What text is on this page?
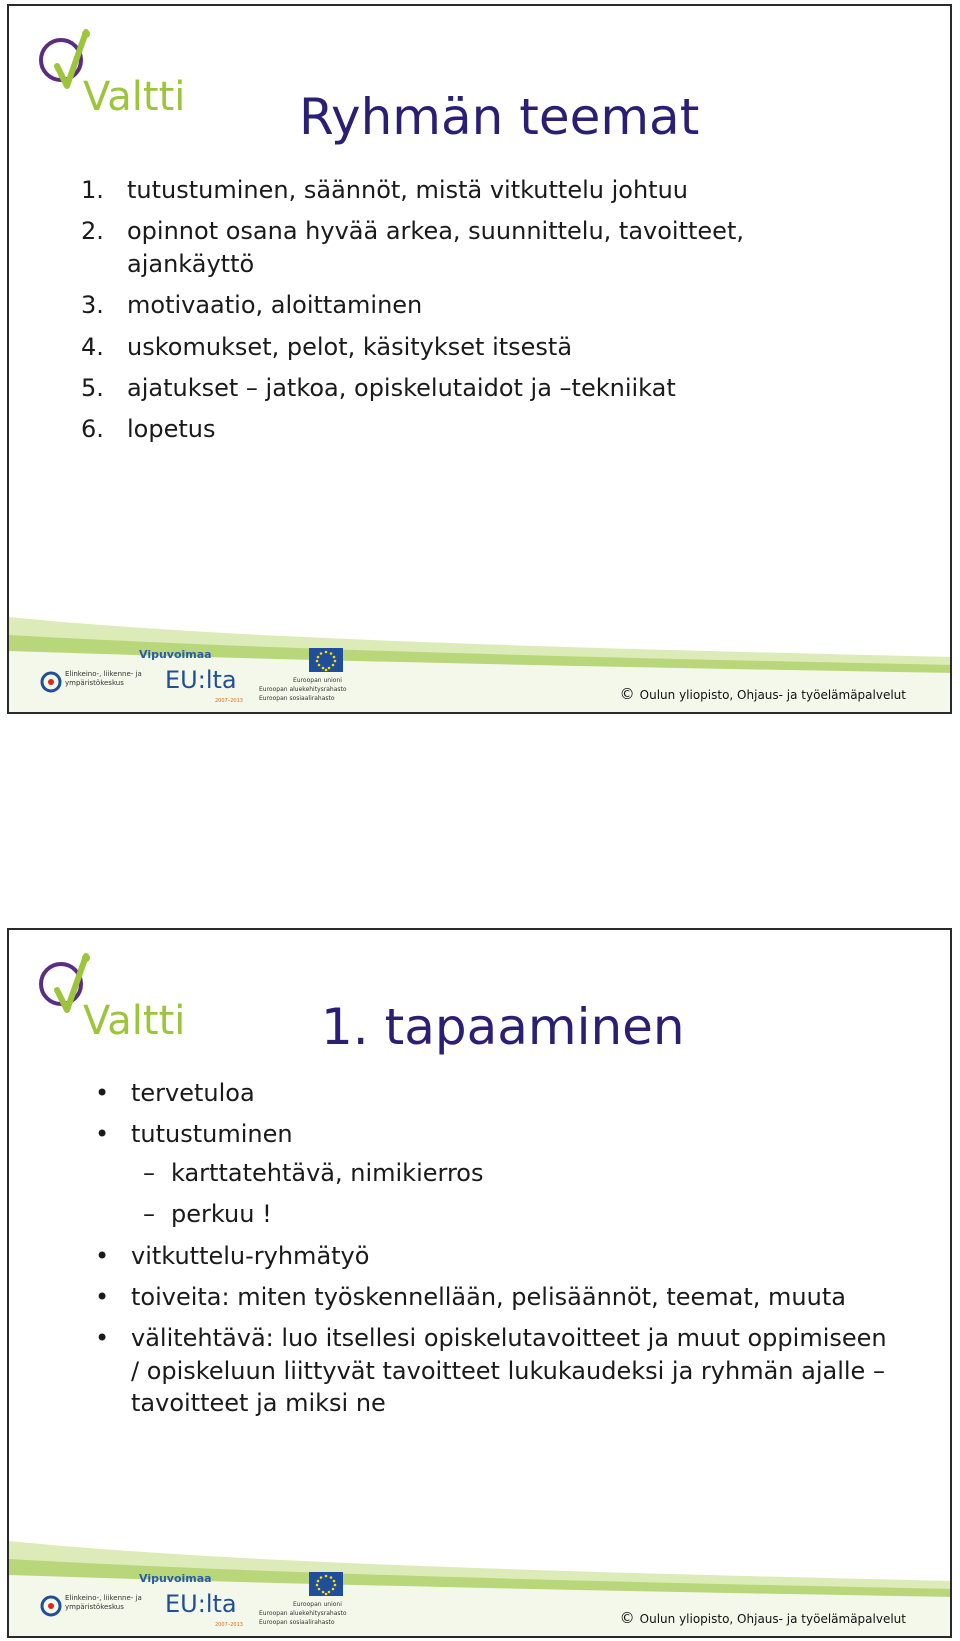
Valtti Ryhmän teemat
1. tutustuminen, säännöt, mistä vitkuttelu johtuu
2. opinnot osana hyvää arkea, suunnittelu, tavoitteet, ajankäyttö
3. motivaatio, aloittaminen
4. uskomukset, pelot, käsitykset itsestä
5. ajatukset – jatkoa, opiskelutaidot ja –tekniikat
6. lopetus
Elinkeino-, liikenne- ja
ympäristökeskus
Vipuvoimaa
EU:lta
2007–2013
Euroopan unioni
Euroopan aluekehitysrahasto
Euroopan sosiaalirahasto	© Oulun yliopisto, Ohjaus- ja työelämäpalvelut
Valtti	1. tapaaminen
• tervetuloa
• tutustuminen
– karttatehtävä, nimikierros
– perkuu !
• vitkuttelu-ryhmätyö
• toiveita: miten työskennellään, pelisäännöt, teemat, muuta
• välitehtävä: luo itsellesi opiskelutavoitteet ja muut oppimiseen / opiskeluun liittyvät tavoitteet lukukaudeksi ja ryhmän ajalle – tavoitteet ja miksi ne
Elinkeino-, liikenne- ja
ympäristökeskus
Vipuvoimaa
EU:lta
2007–2013
Euroopan unioni
Euroopan aluekehitysrahasto
Euroopan sosiaalirahasto	© Oulun yliopisto, Ohjaus- ja työelämäpalvelut
